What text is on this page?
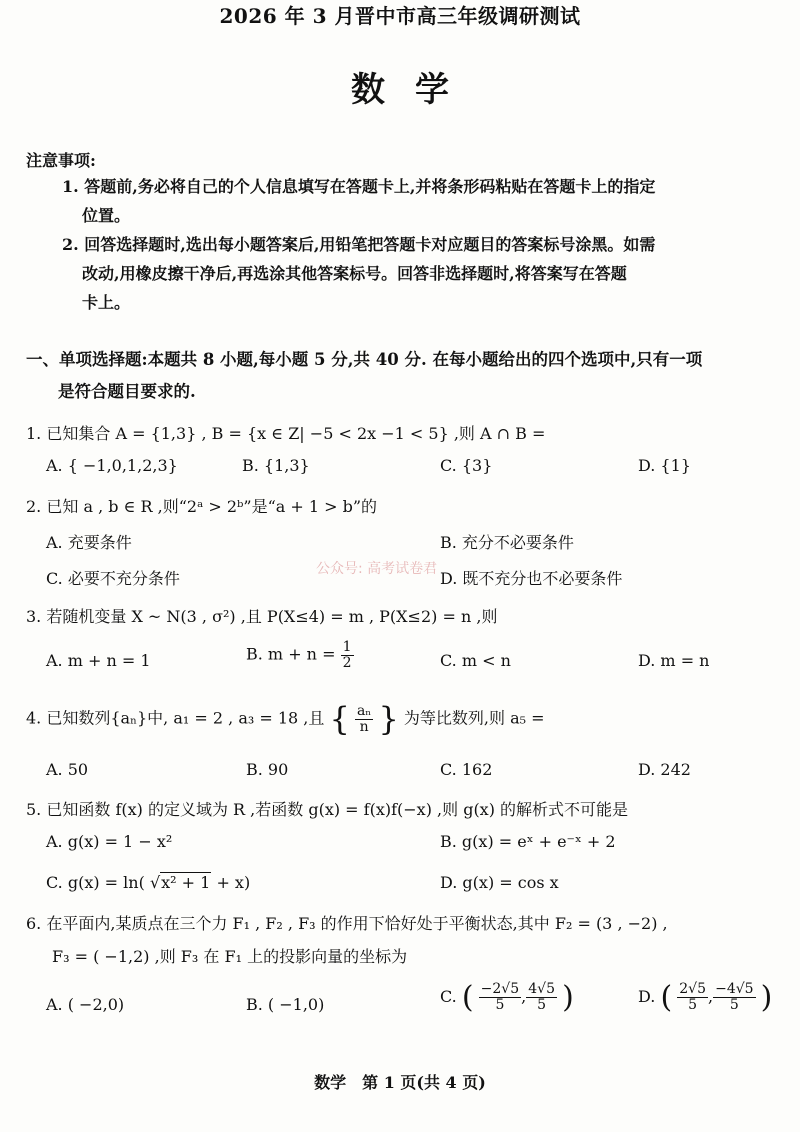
2026 年 3 月晋中市高三年级调研测试
数学
注意事项:
1. 答题前,务必将自己的个人信息填写在答题卡上,并将条形码粘贴在答题卡上的指定
位置。
2. 回答选择题时,选出每小题答案后,用铅笔把答题卡对应题目的答案标号涂黑。如需
改动,用橡皮擦干净后,再选涂其他答案标号。回答非选择题时,将答案写在答题
卡上。
一、单项选择题:本题共 8 小题,每小题 5 分,共 40 分. 在每小题给出的四个选项中,只有一项
是符合题目要求的.
1. 已知集合 A = {1,3} , B = {x ∈ Z| −5 < 2x −1 < 5} ,则 A ∩ B =
A. { −1,0,1,2,3}	B. {1,3}	C. {3}	D. {1}
2. 已知 a , b ∈ R ,则“2ᵃ > 2ᵇ”是“a + 1 > b”的
A. 充要条件	B. 充分不必要条件
C. 必要不充分条件	D. 既不充分也不必要条件
公众号: 高考试卷君
3. 若随机变量 X ~ N(3 , σ²) ,且 P(X≤4) = m , P(X≤2) = n ,则
A. m + n = 1	B. $m + n = \frac{1}{2}$	C. m < n	D. m = n
4. 已知数列{aₙ}中, a₁ = 2 , a₃ = 18 ,且 { $\frac{\text{aₙ}}{n}$ } 为等比数列,则 a₅ =
A. 50	B. 90	C. 162	D. 242
5. 已知函数 f(x) 的定义域为 R ,若函数 g(x) = f(x)f(−x) ,则 g(x) 的解析式不可能是
A. g(x) = 1 − x²	B. g(x) = eˣ + e⁻ˣ + 2
C. g(x) = ln( √x² + 1 + x)	D. g(x) = cos x
6. 在平面内,某质点在三个力 F₁ , F₂ , F₃ 的作用下恰好处于平衡状态,其中 F₂ = (3 , −2) ,
F₃ = ( −1,2) ,则 F₃ 在 F₁ 上的投影向量的坐标为
A. ( −2,0)	B. ( −1,0)	C. ( $\frac{-2√5}{5}$ , $\frac{4√5}{5}$ )	D. ( $\frac{2√5}{5}$ , $\frac{-4√5}{5}$ )
数学　第 1 页(共 4 页)
